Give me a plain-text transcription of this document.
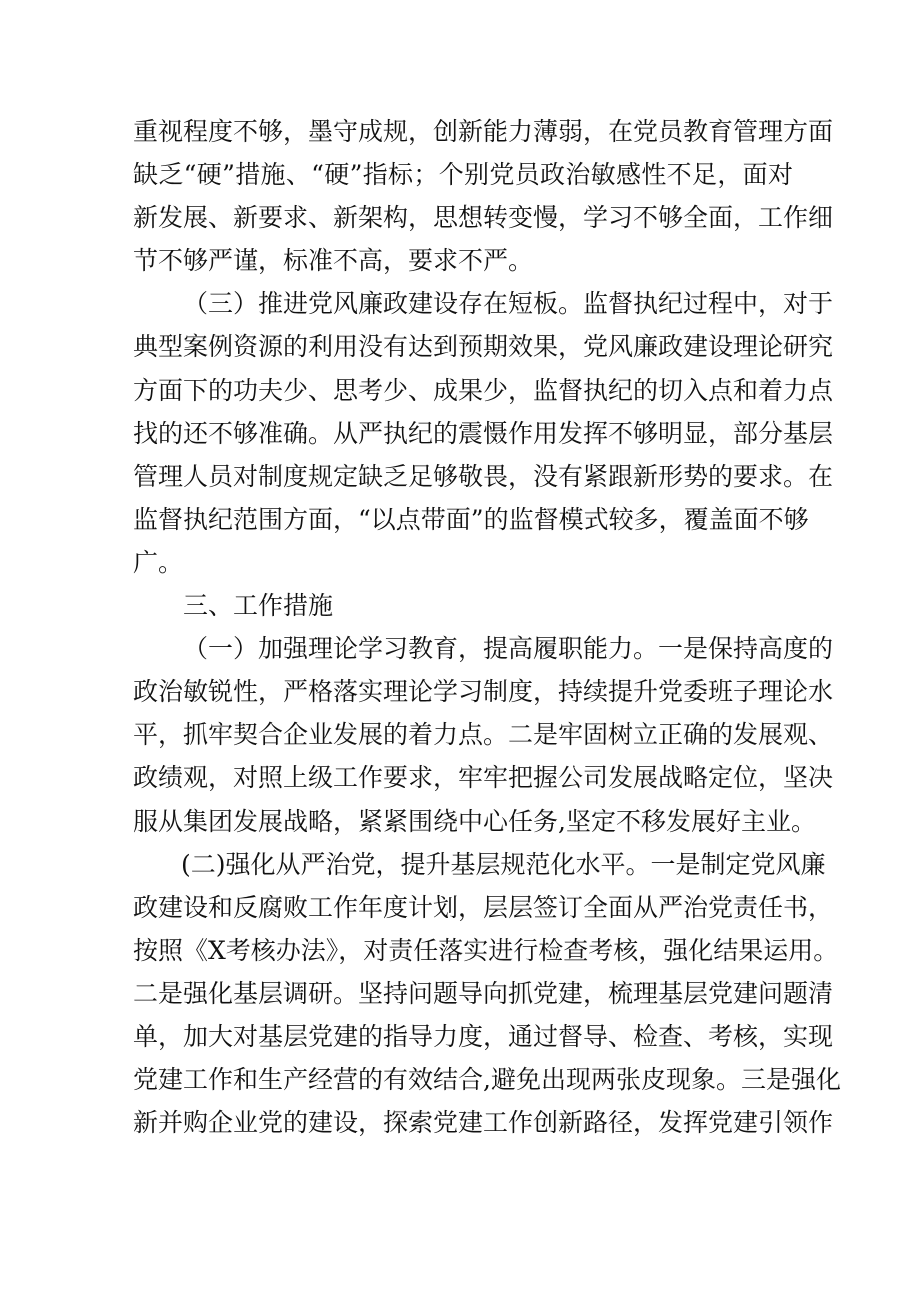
重视程度不够，墨守成规，创新能力薄弱，在党员教育管理方面
缺乏“硬”措施、“硬”指标；个别党员政治敏感性不足，面对
新发展、新要求、新架构，思想转变慢，学习不够全面，工作细
节不够严谨，标准不高，要求不严。
（三）推进党风廉政建设存在短板。监督执纪过程中，对于
典型案例资源的利用没有达到预期效果，党风廉政建设理论研究
方面下的功夫少、思考少、成果少，监督执纪的切入点和着力点
找的还不够准确。从严执纪的震慑作用发挥不够明显，部分基层
管理人员对制度规定缺乏足够敬畏，没有紧跟新形势的要求。在
监督执纪范围方面，“以点带面”的监督模式较多，覆盖面不够
广。
三、工作措施
（一）加强理论学习教育，提高履职能力。一是保持高度的
政治敏锐性，严格落实理论学习制度，持续提升党委班子理论水
平，抓牢契合企业发展的着力点。二是牢固树立正确的发展观、
政绩观，对照上级工作要求，牢牢把握公司发展战略定位，坚决
服从集团发展战略，紧紧围绕中心任务,坚定不移发展好主业。
(二)强化从严治党，提升基层规范化水平。一是制定党风廉
政建设和反腐败工作年度计划，层层签订全面从严治党责任书，
按照《X考核办法》，对责任落实进行检查考核，强化结果运用。
二是强化基层调研。坚持问题导向抓党建，梳理基层党建问题清
单，加大对基层党建的指导力度，通过督导、检查、考核，实现
党建工作和生产经营的有效结合,避免出现两张皮现象。三是强化
新并购企业党的建设，探索党建工作创新路径，发挥党建引领作
